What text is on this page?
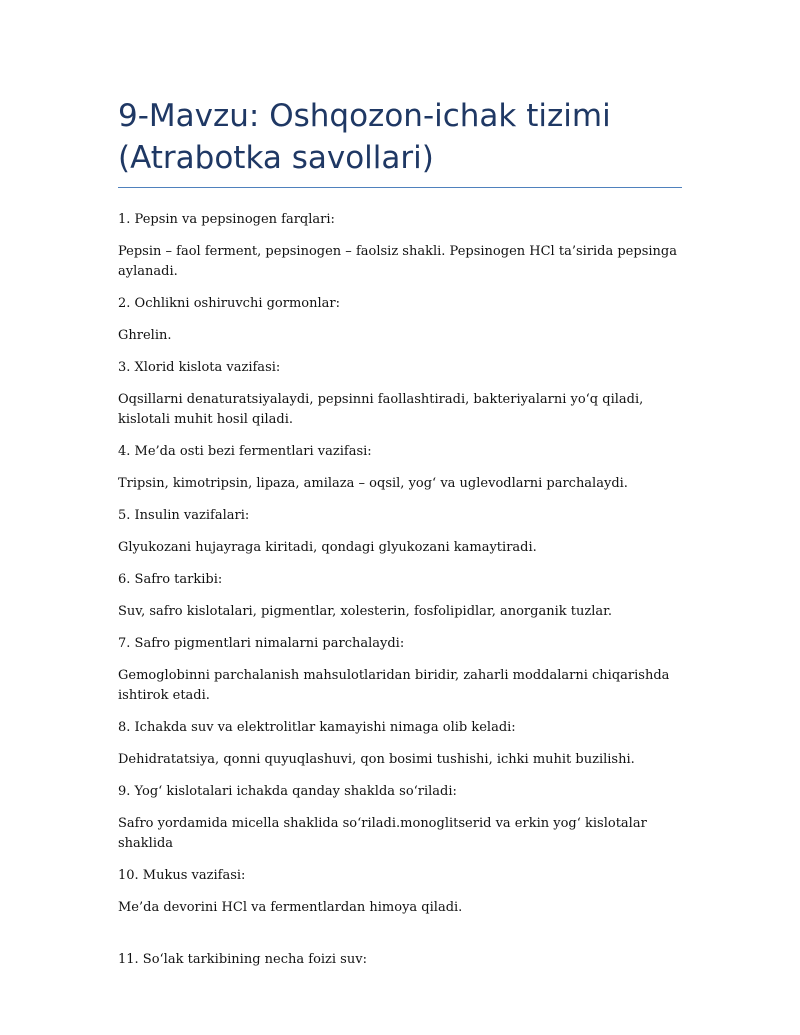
9-Mavzu: Oshqozon-ichak tizimi (Atrabotka savollari)

1. Pepsin va pepsinogen farqlari:

Pepsin – faol ferment, pepsinogen – faolsiz shakli. Pepsinogen HCl ta’sirida pepsinga aylanadi.

2. Ochlikni oshiruvchi gormonlar:

Ghrelin.

3. Xlorid kislota vazifasi:

Oqsillarni denaturatsiyalaydi, pepsinni faollashtiradi, bakteriyalarni yo‘q qiladi, kislotali muhit hosil qiladi.

4. Me’da osti bezi fermentlari vazifasi:

Tripsin, kimotripsin, lipaza, amilaza – oqsil, yog‘ va uglevodlarni parchalaydi.

5. Insulin vazifalari:

Glyukozani hujayraga kiritadi, qondagi glyukozani kamaytiradi.

6. Safro tarkibi:

Suv, safro kislotalari, pigmentlar, xolesterin, fosfolipidlar, anorganik tuzlar.

7. Safro pigmentlari nimalarni parchalaydi:

Gemoglobinni parchalanish mahsulotlaridan biridir, zaharli moddalarni chiqarishda ishtirok etadi.

8. Ichakda suv va elektrolitlar kamayishi nimaga olib keladi:

Dehidratatsiya, qonni quyuqlashuvi, qon bosimi tushishi, ichki muhit buzilishi.

9. Yog‘ kislotalari ichakda qanday shaklda so‘riladi:

Safro yordamida micella shaklida so‘riladi.monoglitserid va erkin yog‘ kislotalar shaklida

10. Mukus vazifasi:

Me’da devorini HCl va fermentlardan himoya qiladi.

11. So‘lak tarkibining necha foizi suv:
